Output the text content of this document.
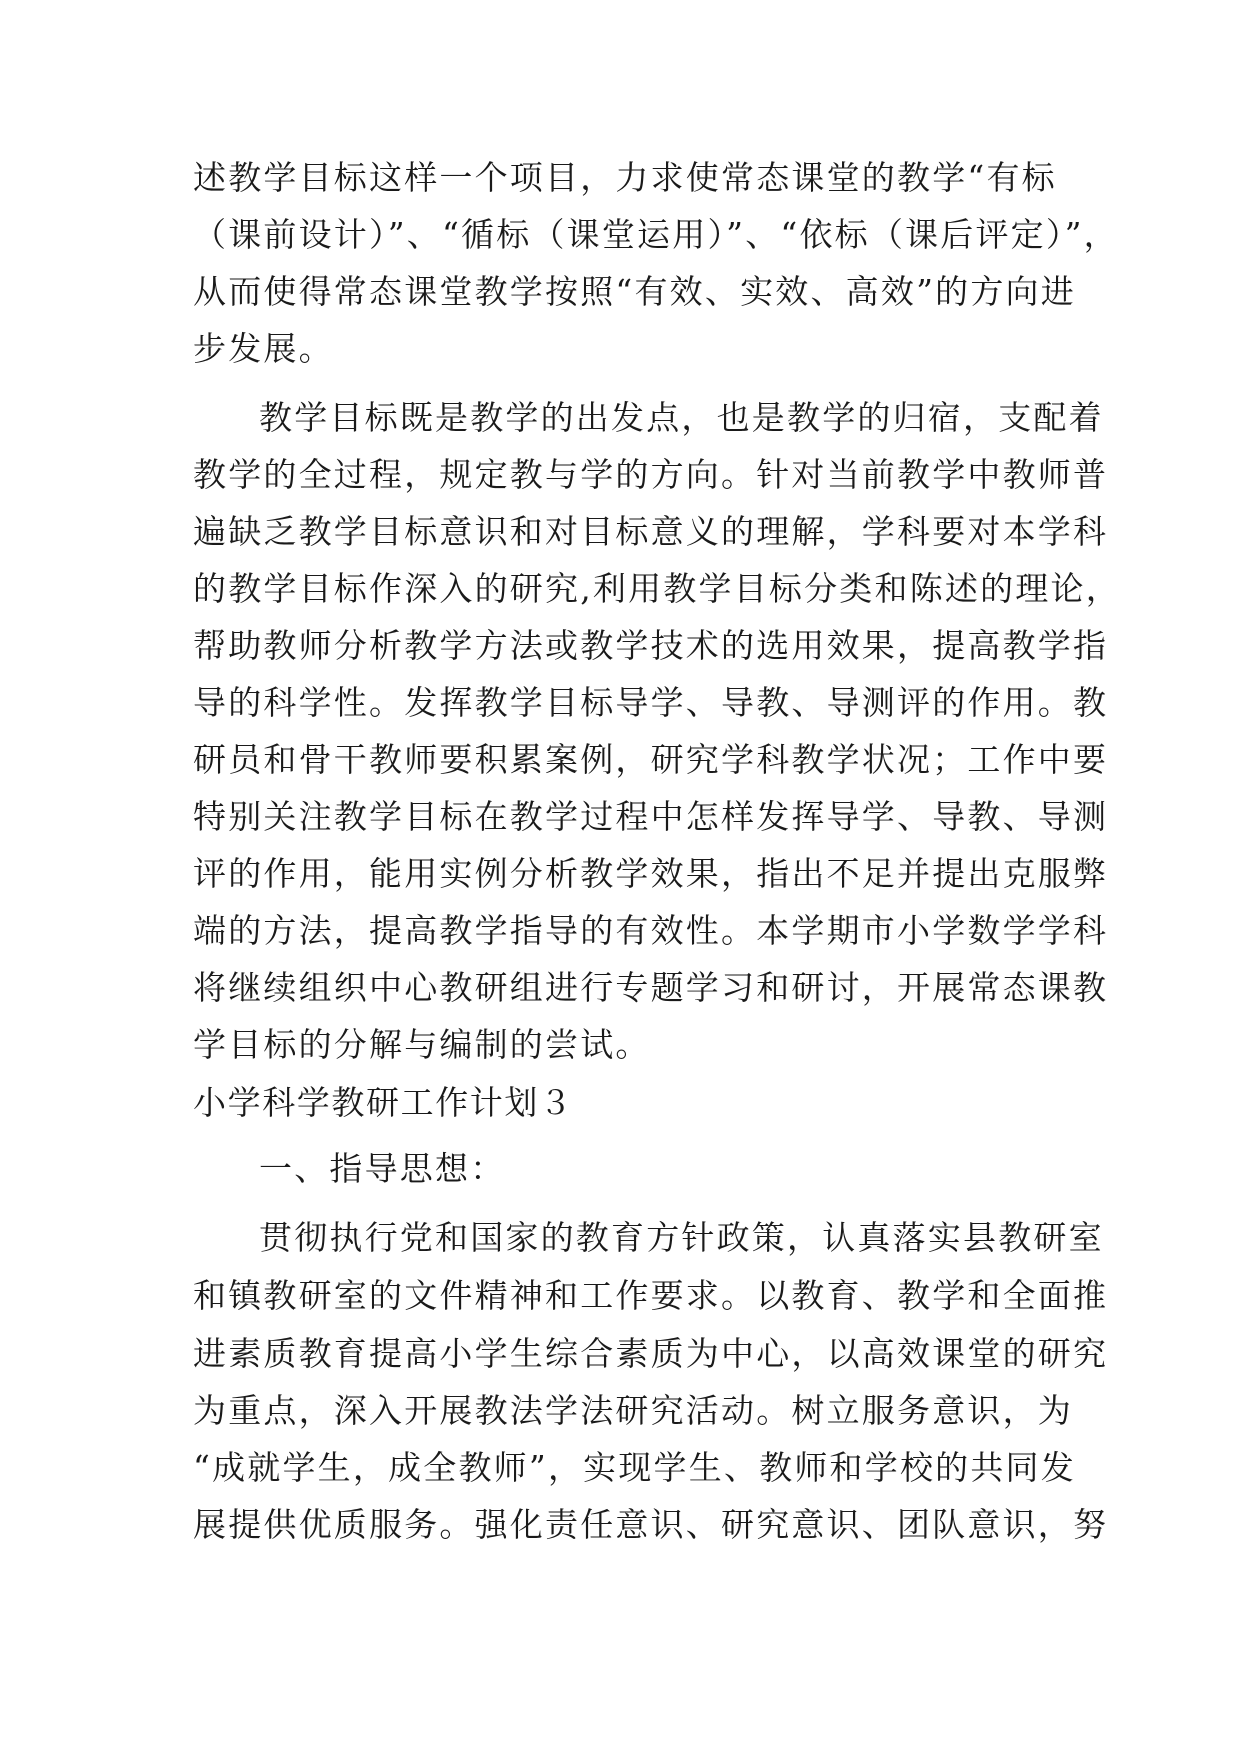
述教学目标这样一个项目，力求使常态课堂的教学“有标
（课前设计）”、“循标（课堂运用）”、“依标（课后评定）”，
从而使得常态课堂教学按照“有效、实效、高效”的方向进
步发展。
教学目标既是教学的出发点，也是教学的归宿，支配着
教学的全过程，规定教与学的方向。针对当前教学中教师普
遍缺乏教学目标意识和对目标意义的理解，学科要对本学科
的教学目标作深入的研究,利用教学目标分类和陈述的理论，
帮助教师分析教学方法或教学技术的选用效果，提高教学指
导的科学性。发挥教学目标导学、导教、导测评的作用。教
研员和骨干教师要积累案例，研究学科教学状况；工作中要
特别关注教学目标在教学过程中怎样发挥导学、导教、导测
评的作用，能用实例分析教学效果，指出不足并提出克服弊
端的方法，提高教学指导的有效性。本学期市小学数学学科
将继续组织中心教研组进行专题学习和研讨，开展常态课教
学目标的分解与编制的尝试。
小学科学教研工作计划３
一、指导思想：
贯彻执行党和国家的教育方针政策，认真落实县教研室
和镇教研室的文件精神和工作要求。以教育、教学和全面推
进素质教育提高小学生综合素质为中心，以高效课堂的研究
为重点，深入开展教法学法研究活动。树立服务意识，为
“成就学生，成全教师”，实现学生、教师和学校的共同发
展提供优质服务。强化责任意识、研究意识、团队意识，努
